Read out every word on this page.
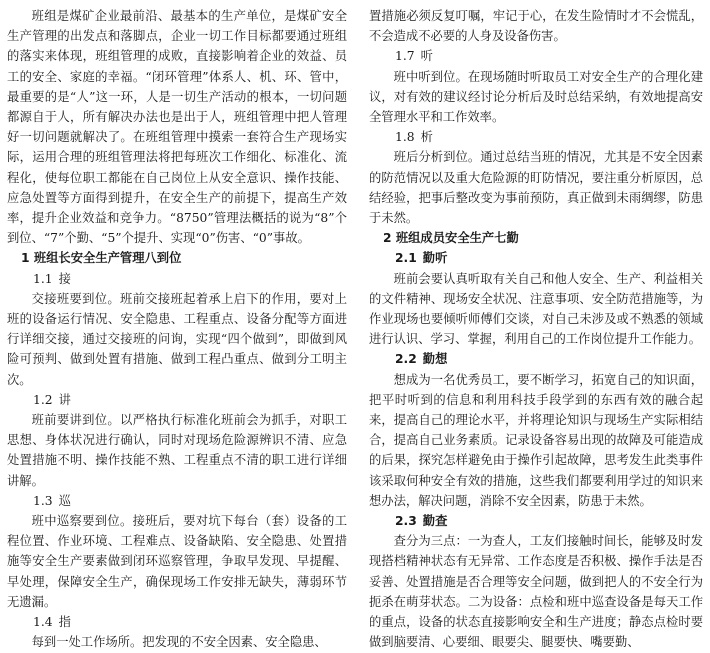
班组是煤矿企业最前沿、最基本的生产单位，是煤矿安全生产管理的出发点和落脚点，企业一切工作目标都要通过班组的落实来体现，班组管理的成败，直接影响着企业的效益、员工的安全、家庭的幸福。“闭环管理”体系人、机、环、管中，最重要的是“人”这一环，人是一切生产活动的根本，一切问题都源自于人，所有解决办法也是出于人，班组管理中把人管理好一切问题就解决了。在班组管理中摸索一套符合生产现场实际，运用合理的班组管理法将把每班次工作细化、标准化、流程化，使每位职工都能在自己岗位上从安全意识、操作技能、应急处置等方面得到提升，在安全生产的前提下，提高生产效率，提升企业效益和竞争力。“8750”管理法概括的说为“8”个到位、“7”个勤、“5”个提升、实现“0”伤害、“0”事故。

1 班组长安全生产管理八到位
1.1 接

交接班要到位。班前交接班起着承上启下的作用，要对上班的设备运行情况、安全隐患、工程重点、设备分配等方面进行详细交接，通过交接班的问询，实现“四个做到”，即做到风险可预判、做到处置有措施、做到工程凸重点、做到分工明主次。

1.2 讲

班前要讲到位。以严格执行标准化班前会为抓手，对职工思想、身体状况进行确认，同时对现场危险源辨识不清、应急处置措施不明、操作技能不熟、工程重点不清的职工进行详细讲解。

1.3 巡

班中巡察要到位。接班后，要对坑下每台（套）设备的工程位置、作业环境、工程难点、设备缺陷、安全隐患、处置措施等安全生产要素做到闭环巡察管理，争取早发现、早提醒、早处理，保障安全生产，确保现场工作安排无缺失，薄弱环节无遗漏。

1.4 指

每到一处工作场所。把发现的不安全因素、安全隐患、

置措施必须反复叮嘱，牢记于心，在发生险情时才不会慌乱，不会造成不必要的人身及设备伤害。

1.7 听

班中听到位。在现场随时听取员工对安全生产的合理化建议，对有效的建议经讨论分析后及时总结采纳，有效地提高安全管理水平和工作效率。

1.8 析

班后分析到位。通过总结当班的情况，尤其是不安全因素的防范情况以及重大危险源的盯防情况，要注重分析原因，总结经验，把事后整改变为事前预防，真正做到未雨绸缪，防患于未然。

2 班组成员安全生产七勤
2.1 勤听

班前会要认真听取有关自己和他人安全、生产、利益相关的文件精神、现场安全状况、注意事项、安全防范措施等，为作业现场也要倾听师傅们交谈，对自己未涉及或不熟悉的领域进行认识、学习、掌握，利用自己的工作岗位提升工作能力。

2.2 勤想

想成为一名优秀员工，要不断学习，拓宽自己的知识面，把平时听到的信息和利用科技手段学到的东西有效的融合起来，提高自己的理论水平，并将理论知识与现场生产实际相结合，提高自己业务素质。记录设备容易出现的故障及可能造成的后果，探究怎样避免由于操作引起故障，思考发生此类事件该采取何种安全有效的措施，这些我们都要利用学过的知识来想办法，解决问题，消除不安全因素，防患于未然。

2.3 勤查

查分为三点：一为查人，工友们接触时间长，能够及时发现搭档精神状态有无异常、工作态度是否积极、操作手法是否妥善、处置措施是否合理等安全问题，做到把人的不安全行为扼杀在萌芽状态。二为设备：点检和班中巡查设备是每天工作的重点，设备的状态直接影响安全和生产进度；静态点检时要做到脑要清、心要细、眼要尖、腿要快、嘴要勤、
